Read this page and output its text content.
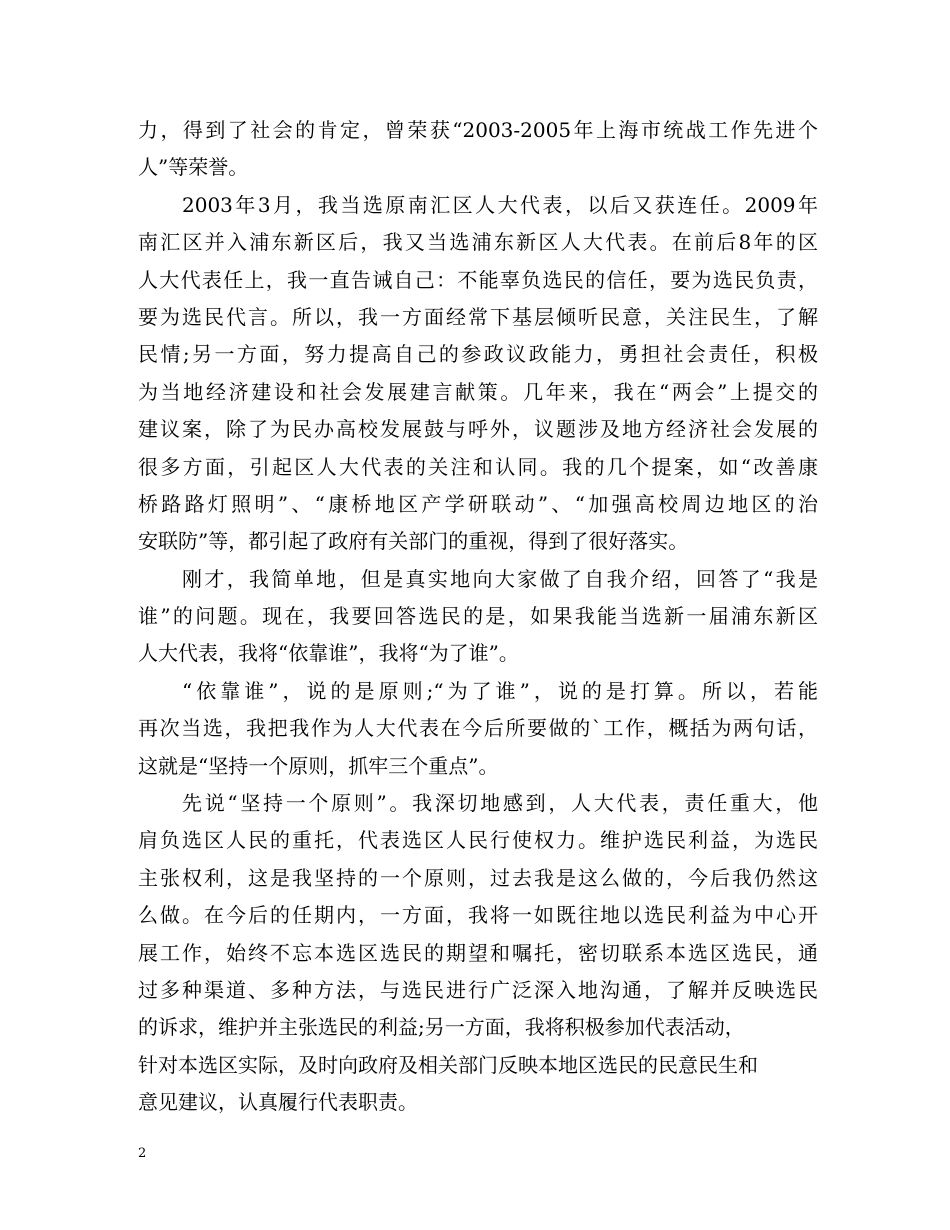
力，得到了社会的肯定，曾荣获“2003-2005年上海市统战工作先进个
人”等荣誉。
2003年3月，我当选原南汇区人大代表，以后又获连任。2009年
南汇区并入浦东新区后，我又当选浦东新区人大代表。在前后8年的区
人大代表任上，我一直告诫自己：不能辜负选民的信任，要为选民负责，
要为选民代言。所以，我一方面经常下基层倾听民意，关注民生，了解
民情;另一方面，努力提高自己的参政议政能力，勇担社会责任，积极
为当地经济建设和社会发展建言献策。几年来，我在“两会”上提交的
建议案，除了为民办高校发展鼓与呼外，议题涉及地方经济社会发展的
很多方面，引起区人大代表的关注和认同。我的几个提案，如“改善康
桥路路灯照明”、“康桥地区产学研联动”、“加强高校周边地区的治
安联防”等，都引起了政府有关部门的重视，得到了很好落实。
刚才，我简单地，但是真实地向大家做了自我介绍，回答了“我是
谁”的问题。现在，我要回答选民的是，如果我能当选新一届浦东新区
人大代表，我将“依靠谁”，我将“为了谁”。
“依靠谁”，说的是原则;“为了谁”，说的是打算。所以，若能
再次当选，我把我作为人大代表在今后所要做的`工作，概括为两句话，
这就是“坚持一个原则，抓牢三个重点”。
先说“坚持一个原则”。我深切地感到，人大代表，责任重大，他
肩负选区人民的重托，代表选区人民行使权力。维护选民利益，为选民
主张权利，这是我坚持的一个原则，过去我是这么做的，今后我仍然这
么做。在今后的任期内，一方面，我将一如既往地以选民利益为中心开
展工作，始终不忘本选区选民的期望和嘱托，密切联系本选区选民，通
过多种渠道、多种方法，与选民进行广泛深入地沟通，了解并反映选民
的诉求，维护并主张选民的利益;另一方面，我将积极参加代表活动，
针对本选区实际，及时向政府及相关部门反映本地区选民的民意民生和
意见建议，认真履行代表职责。
2
